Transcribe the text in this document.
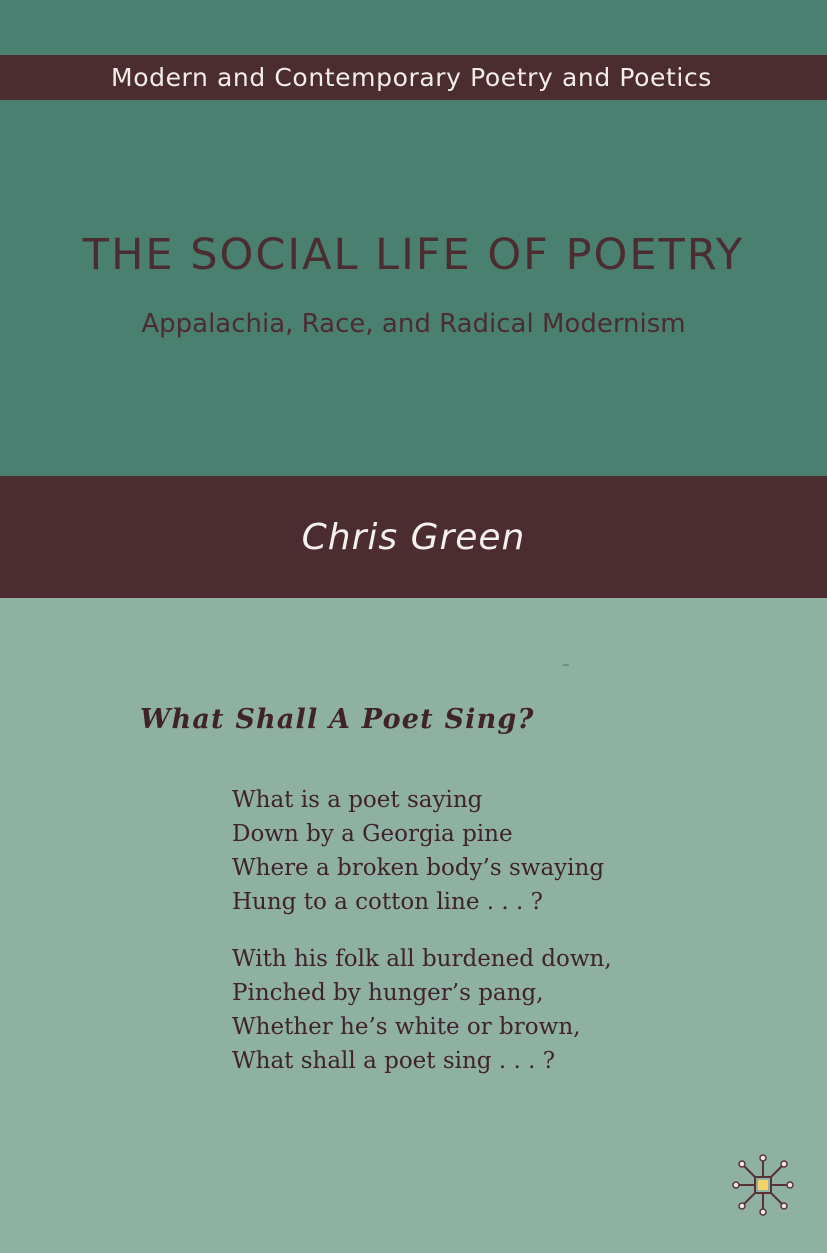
Modern and Contemporary Poetry and Poetics
THE SOCIAL LIFE OF POETRY
Appalachia, Race, and Radical Modernism
Chris Green
What Shall A Poet Sing?
What is a poet saying
Down by a Georgia pine
Where a broken body’s swaying
Hung to a cotton line . . . ?
With his folk all burdened down,
Pinched by hunger’s pang,
Whether he’s white or brown,
What shall a poet sing . . . ?
